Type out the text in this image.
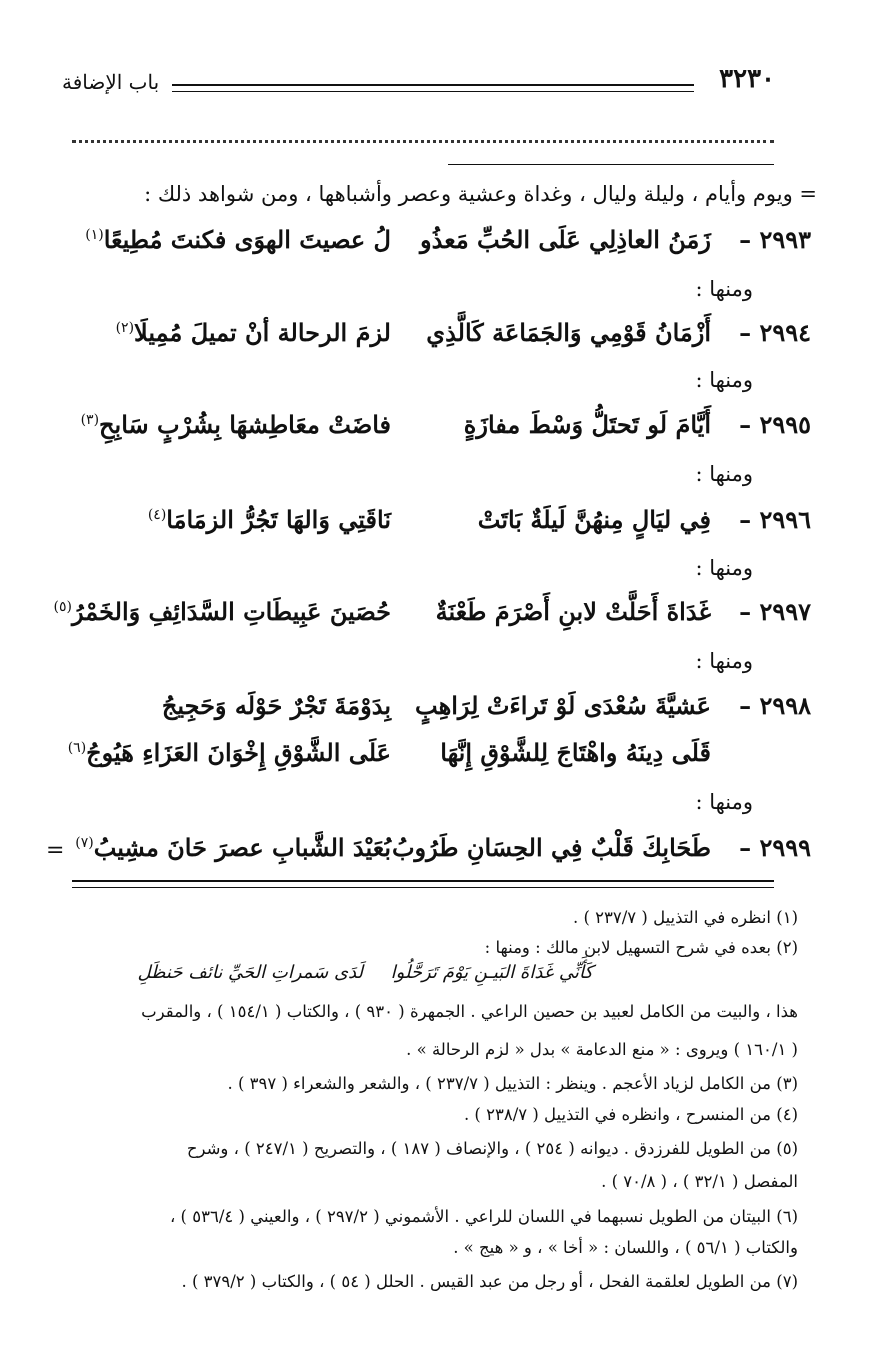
٣٢٣٠
باب الإضافة
= ويوم وأيام ، وليلة وليال ، وغداة وعشية وعصر وأشباهها ، ومن شواهد ذلك :
٢٩٩٣ –
زَمَنُ العاذِلِي عَلَى الحُبِّ مَعذُو
لُ عصيتَ الهوَى فكنتَ مُطِيعًا$^{(١)}$
ومنها :
٢٩٩٤ –
أَزْمَانُ قَوْمِي وَالجَمَاعَة كَالَّذِي
لزمَ الرحالة أنْ تميلَ مُمِيلَا$^{(٢)}$
ومنها :
٢٩٩٥ –
أَيَّامَ لَو تَحتَلُّ وَسْطَ مفازَةٍ
فاضَتْ معَاطِشهَا بِشُرْبٍ سَابِحِ$^{(٣)}$
ومنها :
٢٩٩٦ –
فِي ليَالٍ مِنهُنَّ لَيلَةٌ بَاتَتْ
نَاقَتِي وَالهَا تَجُرُّ الزمَامَا$^{(٤)}$
ومنها :
٢٩٩٧ –
غَدَاةَ أَحَلَّتْ لابنِ أَصْرَمَ طَعْنَةٌ
حُصَينَ عَبِيطَاتِ السَّدَائِفِ وَالخَمْرُ$^{(٥)}$
ومنها :
٢٩٩٨ –
عَشيَّةَ سُعْدَى لَوْ تَراءَتْ لِرَاهِبٍ
بِدَوْمَةَ تَجْرٌ حَوْلَه وَحَجِيجُ
قَلَى دِينَهُ واهْتَاجَ لِلشَّوْقِ إِنَّهَا
عَلَى الشَّوْقِ إِخْوَانَ العَزَاءِ هَيُوجُ$^{(٦)}$
ومنها :
٢٩٩٩ –
طَحَابِكَ قَلْبٌ فِي الحِسَانِ طَرُوبُ
بُعَيْدَ الشَّبابِ عصرَ حَانَ مشِيبُ$^{(٧)}$
=
(١) انظره في التذييل ( ٢٣٧/٧ ) .
(٢) بعده في شرح التسهيل لابن مالك : ومنها :
كَأَنِّي غَدَاةَ البَيـنِ يَوْمَ تَرَحَّلُوا
لَدَى سَمراتِ الحَيِّ نائف حَنظَلِ
هذا ، والبيت من الكامل لعبيد بن حصين الراعي . الجمهرة ( ٩٣٠ ) ، والكتاب ( ١٥٤/١ ) ، والمقرب
( ١٦٠/١ ) ويروى : « منع الدعامة » بدل « لزم الرحالة » .
(٣) من الكامل لزياد الأعجم . وينظر : التذييل ( ٢٣٧/٧ ) ، والشعر والشعراء ( ٣٩٧ ) .
(٤) من المنسرح ، وانظره في التذييل ( ٢٣٨/٧ ) .
(٥) من الطويل للفرزدق . ديوانه ( ٢٥٤ ) ، والإنصاف ( ١٨٧ ) ، والتصريح ( ٢٤٧/١ ) ، وشرح
المفصل ( ٣٢/١ ) ، ( ٧٠/٨ ) .
(٦) البيتان من الطويل نسبهما في اللسان للراعي . الأشموني ( ٢٩٧/٢ ) ، والعيني ( ٥٣٦/٤ ) ،
والكتاب ( ٥٦/١ ) ، واللسان : « أخا » ، و « هيج » .
(٧) من الطويل لعلقمة الفحل ، أو رجل من عبد القيس . الحلل ( ٥٤ ) ، والكتاب ( ٣٧٩/٢ ) .
